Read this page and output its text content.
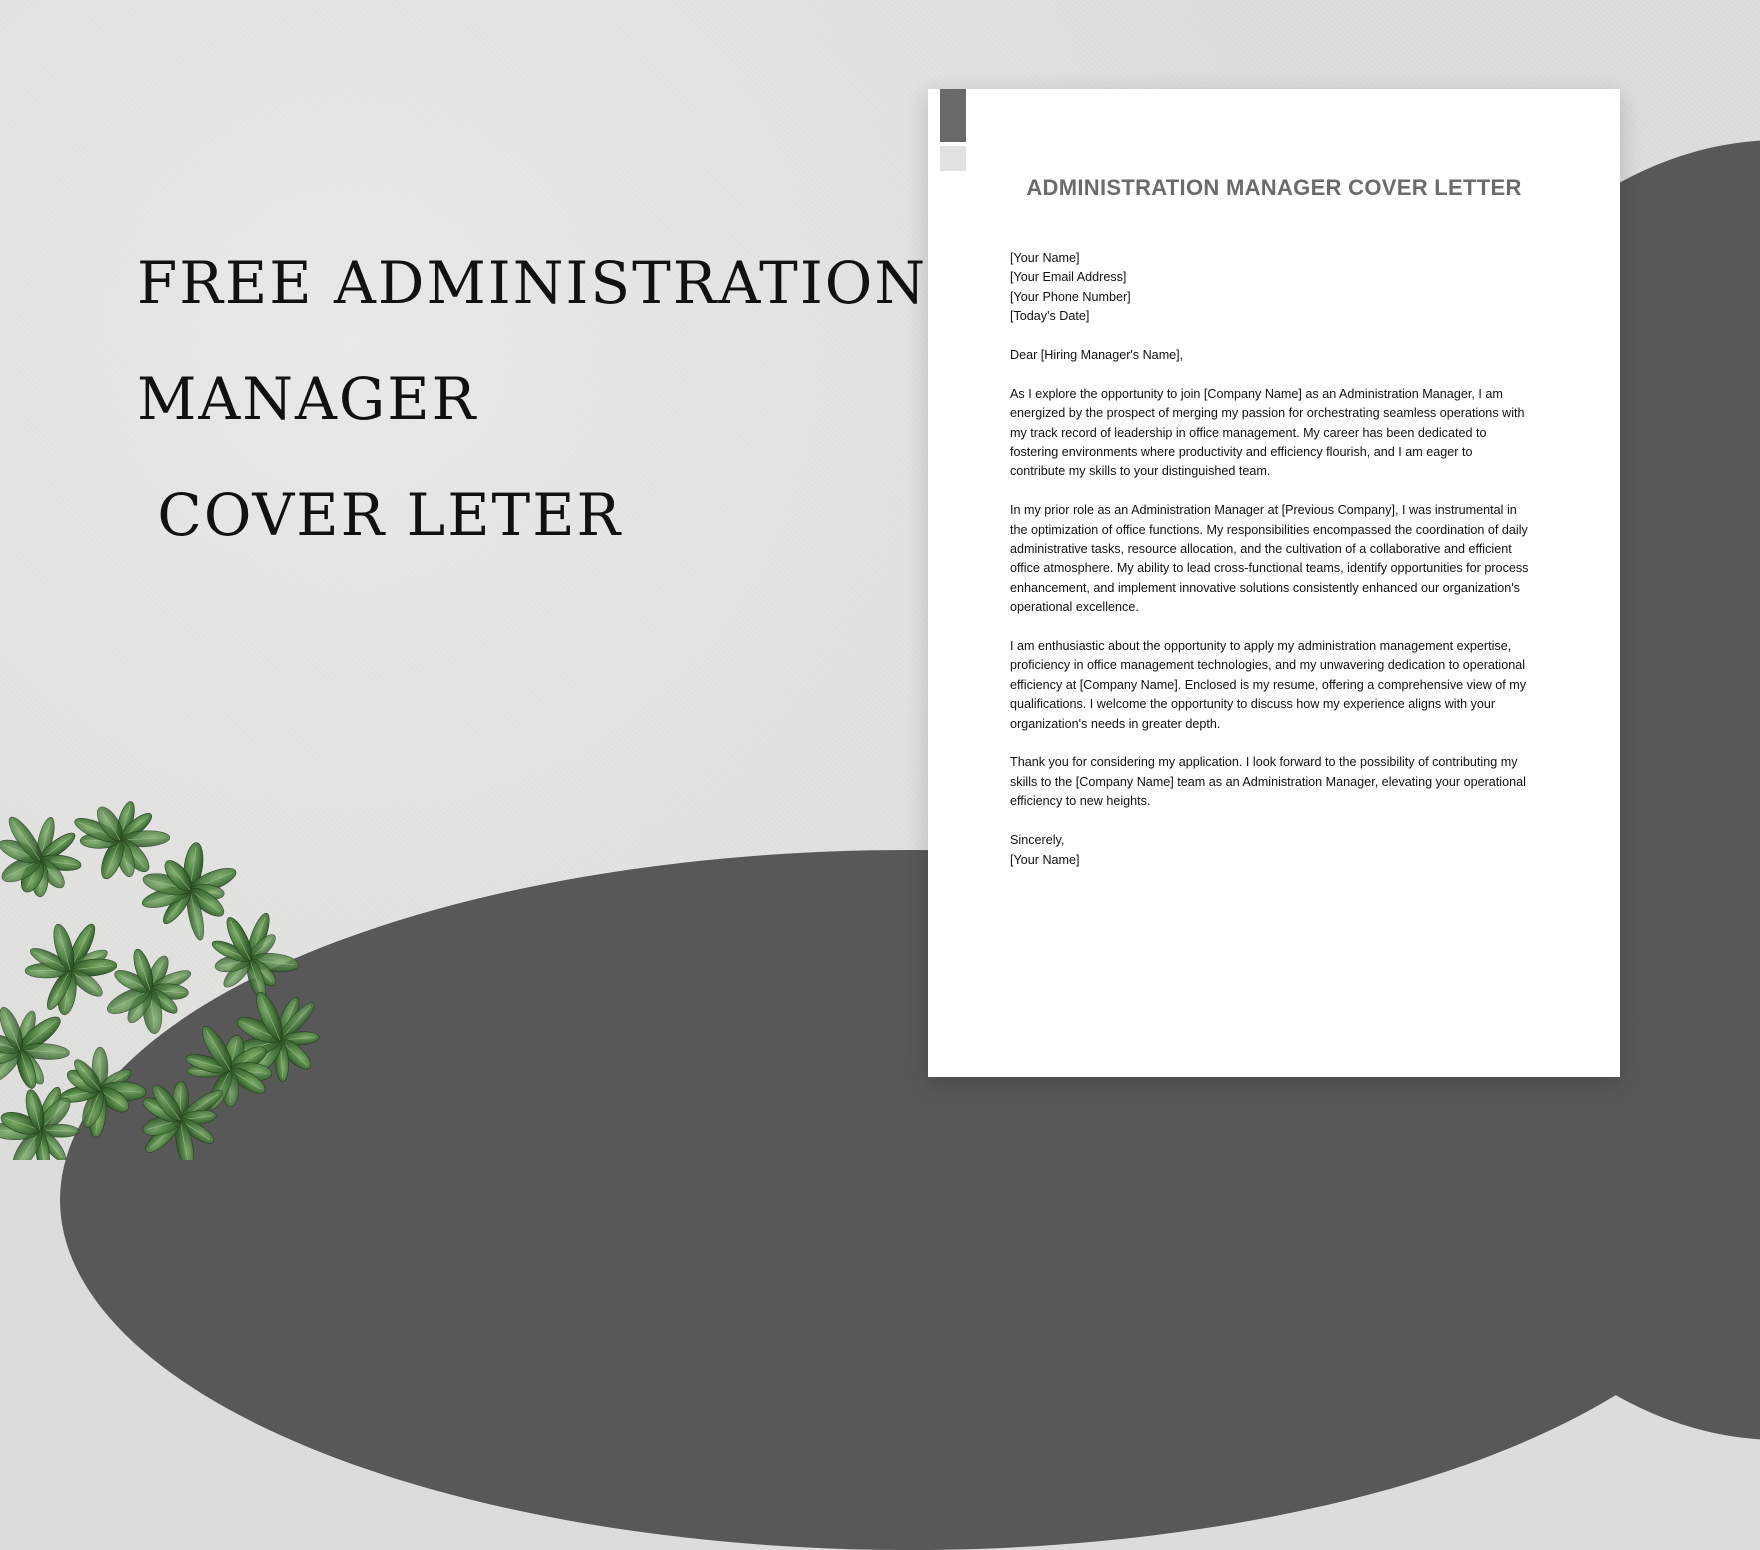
FREE ADMINISTRATION
MANAGER
COVER LETER
ADMINISTRATION MANAGER COVER LETTER

[Your Name]
[Your Email Address]
[Your Phone Number]
[Today's Date]

Dear [Hiring Manager's Name],

As I explore the opportunity to join [Company Name] as an Administration Manager, I am energized by the prospect of merging my passion for orchestrating seamless operations with my track record of leadership in office management. My career has been dedicated to fostering environments where productivity and efficiency flourish, and I am eager to contribute my skills to your distinguished team.

In my prior role as an Administration Manager at [Previous Company], I was instrumental in the optimization of office functions. My responsibilities encompassed the coordination of daily administrative tasks, resource allocation, and the cultivation of a collaborative and efficient office atmosphere. My ability to lead cross-functional teams, identify opportunities for process enhancement, and implement innovative solutions consistently enhanced our organization's operational excellence.

I am enthusiastic about the opportunity to apply my administration management expertise, proficiency in office management technologies, and my unwavering dedication to operational efficiency at [Company Name]. Enclosed is my resume, offering a comprehensive view of my qualifications. I welcome the opportunity to discuss how my experience aligns with your organization's needs in greater depth.

Thank you for considering my application. I look forward to the possibility of contributing my skills to the [Company Name] team as an Administration Manager, elevating your operational efficiency to new heights.

Sincerely,
[Your Name]
